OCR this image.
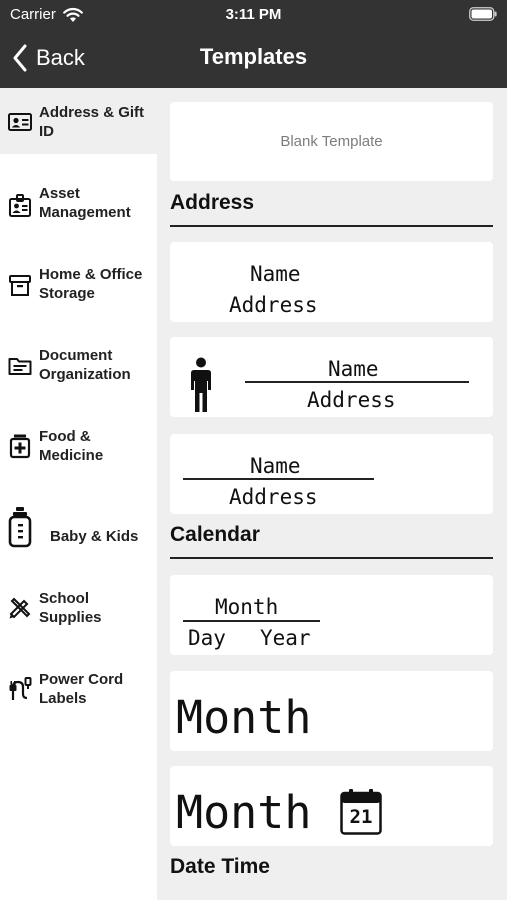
Carrier	3:11 PM
Back	Templates
Address & Gift ID
Asset Management
Home & Office Storage
Document Organization
Food & Medicine
Baby & Kids
School Supplies
Power Cord Labels
Blank Template
Address
Name
Address
Name
Address
Name
Address
Calendar
Month
Day Year
Month
Month	21
Date Time
